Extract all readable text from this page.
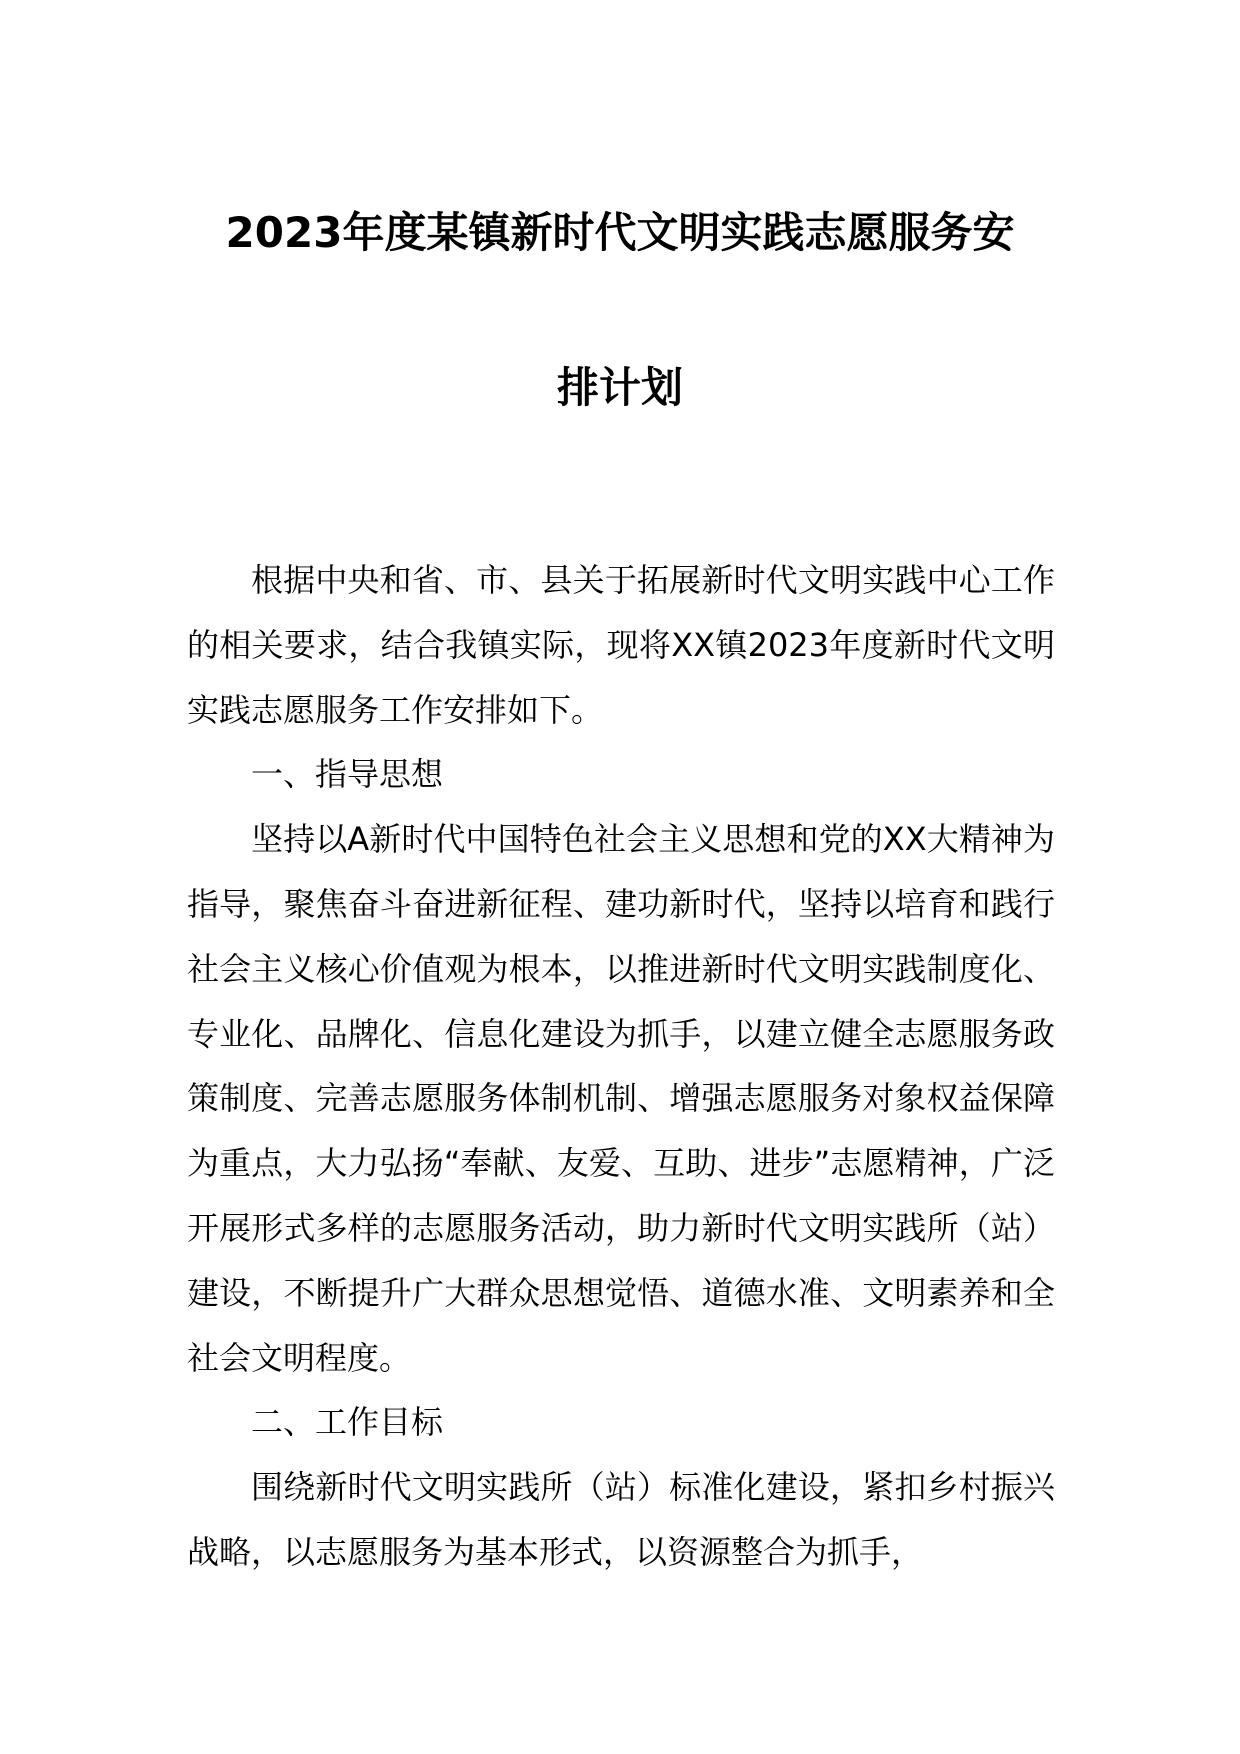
2023年度某镇新时代文明实践志愿服务安
排计划

根据中央和省、市、县关于拓展新时代文明实践中心工作的相关要求，结合我镇实际，现将XX镇2023年度新时代文明实践志愿服务工作安排如下。

一、指导思想

坚持以A新时代中国特色社会主义思想和党的XX大精神为指导，聚焦奋斗奋进新征程、建功新时代，坚持以培育和践行社会主义核心价值观为根本，以推进新时代文明实践制度化、专业化、品牌化、信息化建设为抓手，以建立健全志愿服务政策制度、完善志愿服务体制机制、增强志愿服务对象权益保障为重点，大力弘扬“奉献、友爱、互助、进步”志愿精神，广泛开展形式多样的志愿服务活动，助力新时代文明实践所（站）建设，不断提升广大群众思想觉悟、道德水准、文明素养和全社会文明程度。

二、工作目标

围绕新时代文明实践所（站）标准化建设，紧扣乡村振兴战略，以志愿服务为基本形式，以资源整合为抓手，
